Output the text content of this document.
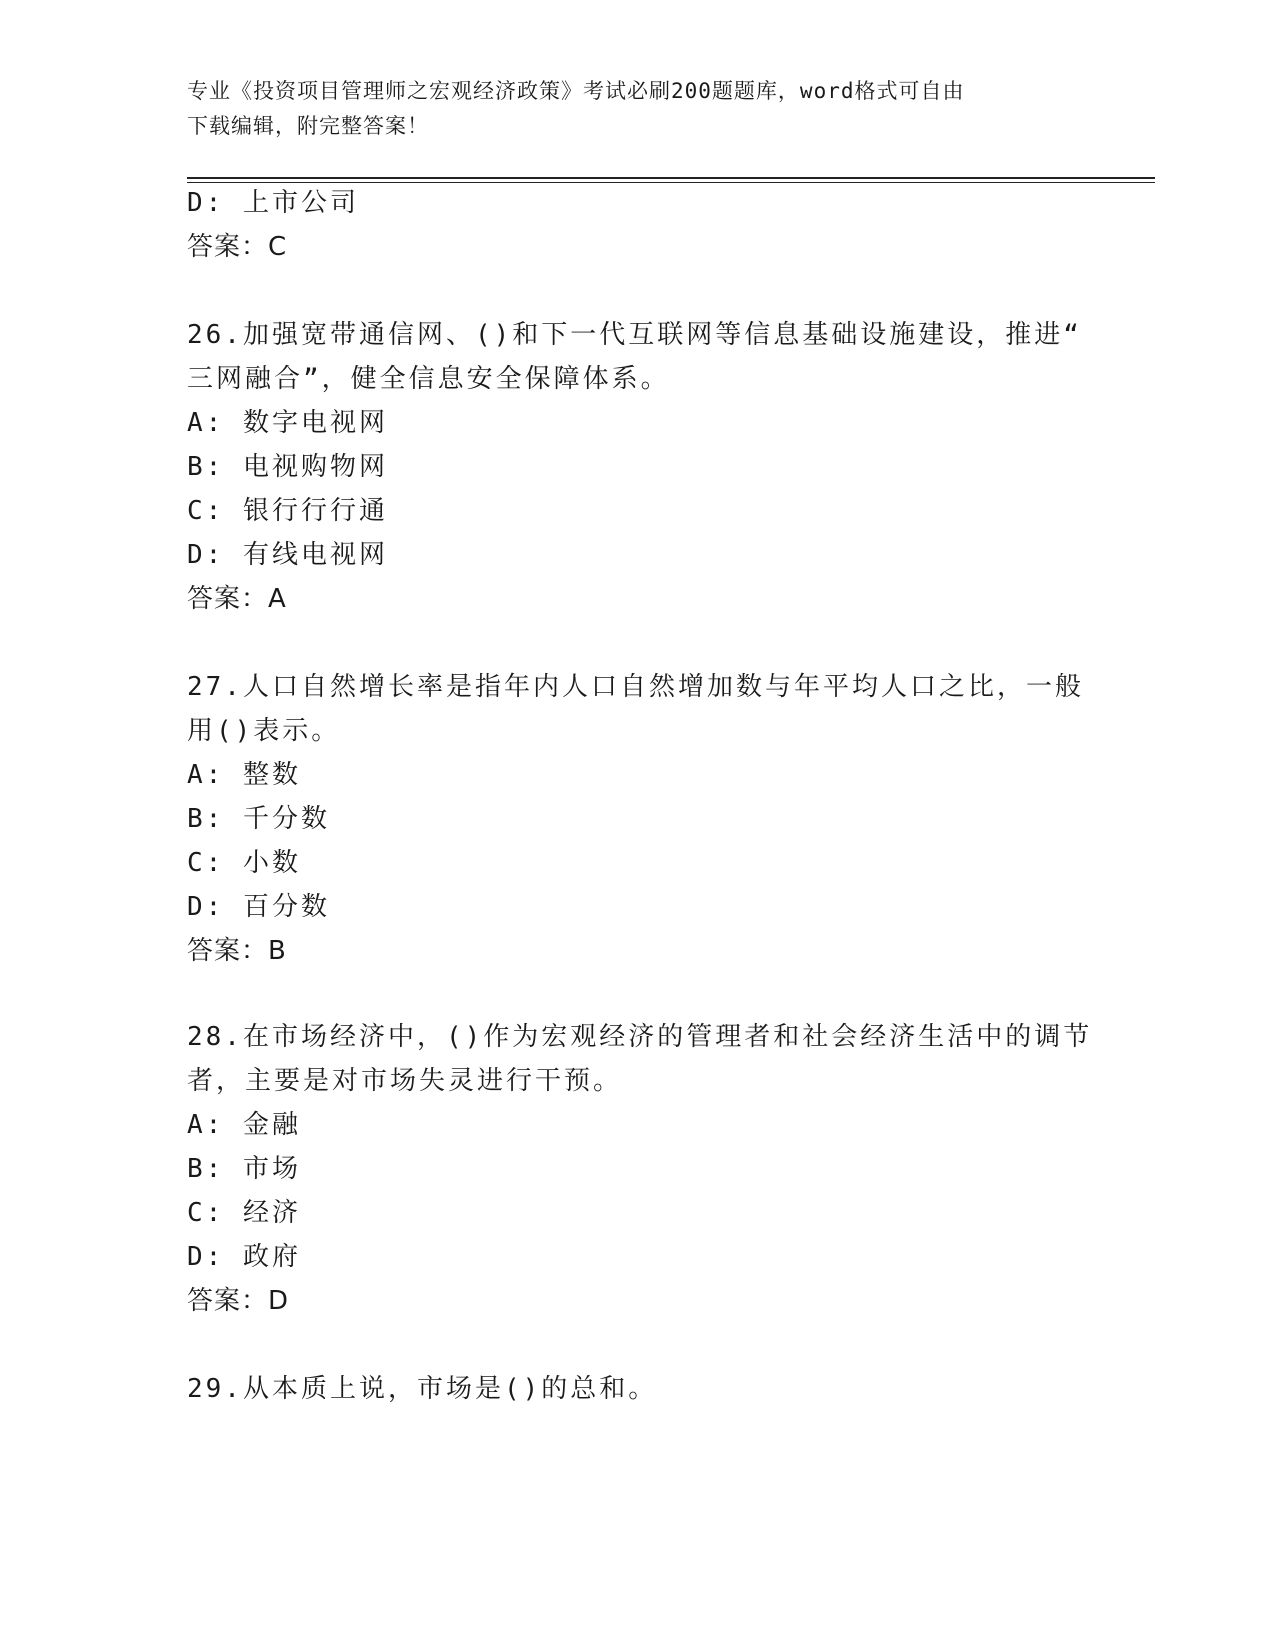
专业《投资项目管理师之宏观经济政策》考试必刷200题题库，word格式可自由
下载编辑，附完整答案！
D: 上市公司
答案：C
26.加强宽带通信网、()和下一代互联网等信息基础设施建设，推进“
三网融合”，健全信息安全保障体系。
A: 数字电视网
B: 电视购物网
C: 银行行行通
D: 有线电视网
答案：A
27.人口自然增长率是指年内人口自然增加数与年平均人口之比，一般
用()表示。
A: 整数
B: 千分数
C: 小数
D: 百分数
答案：B
28.在市场经济中，()作为宏观经济的管理者和社会经济生活中的调节
者，主要是对市场失灵进行干预。
A: 金融
B: 市场
C: 经济
D: 政府
答案：D
29.从本质上说，市场是()的总和。
